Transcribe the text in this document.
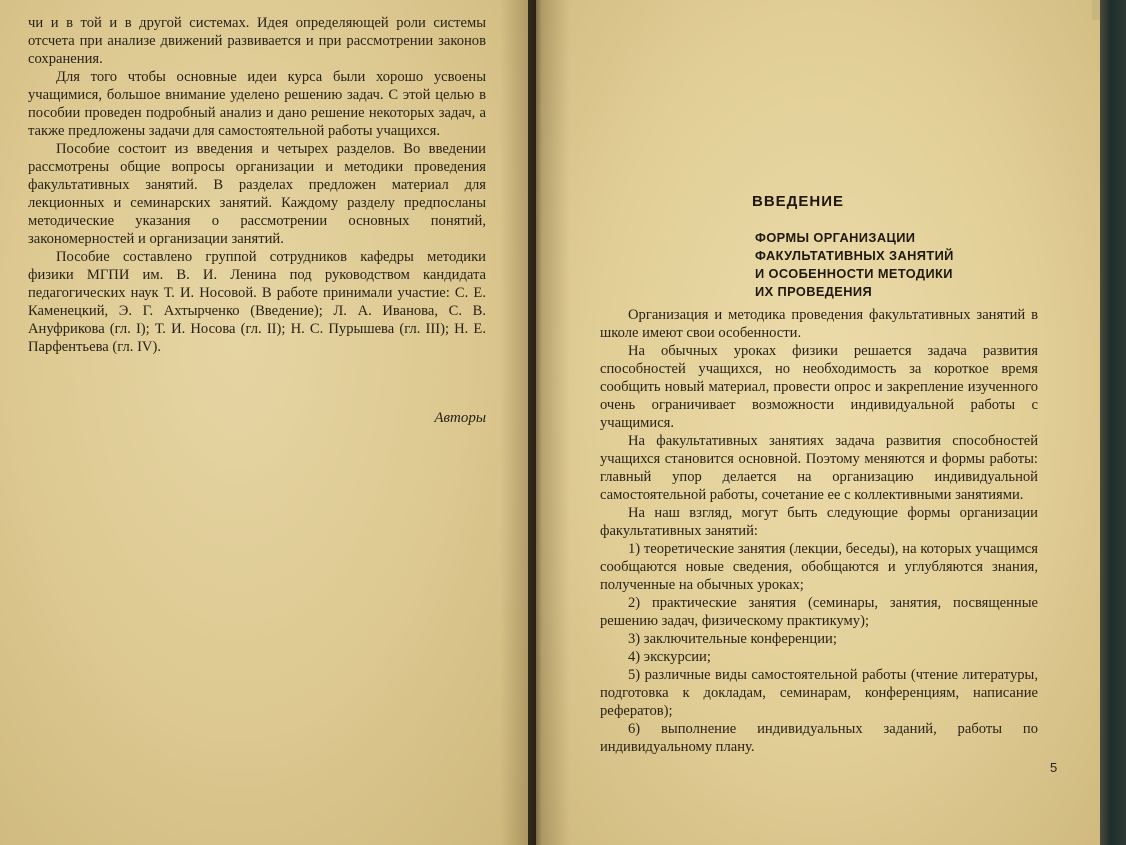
чи и в той и в другой системах. Идея определяющей роли системы отсчета при анализе движений развивается и при рассмотрении законов сохранения.

Для того чтобы основные идеи курса были хорошо усвоены учащимися, большое внимание уделено решению задач. С этой целью в пособии проведен подробный анализ и дано решение некоторых задач, а также предложены задачи для самостоятельной работы учащихся.

Пособие состоит из введения и четырех разделов. Во введении рассмотрены общие вопросы организации и методики проведения факультативных занятий. В разделах предложен материал для лекционных и семинарских занятий. Каждому разделу предпосланы методические указания о рассмотрении основных понятий, закономерностей и организации занятий.

Пособие составлено группой сотрудников кафедры методики физики МГПИ им. В. И. Ленина под руководством кандидата педагогических наук Т. И. Носовой. В работе принимали участие: С. Е. Каменецкий, Э. Г. Ахтырченко (Введение); Л. А. Иванова, С. В. Ануфрикова (гл. I); Т. И. Носова (гл. II); Н. С. Пурышева (гл. III); Н. Е. Парфентьева (гл. IV).

Авторы
ВВЕДЕНИЕ
ФОРМЫ ОРГАНИЗАЦИИ
ФАКУЛЬТАТИВНЫХ ЗАНЯТИЙ
И ОСОБЕННОСТИ МЕТОДИКИ
ИХ ПРОВЕДЕНИЯ

Организация и методика проведения факультативных занятий в школе имеют свои особенности.

На обычных уроках физики решается задача развития способностей учащихся, но необходимость за короткое время сообщить новый материал, провести опрос и закрепление изученного очень ограничивает возможности индивидуальной работы с учащимися.

На факультативных занятиях задача развития способностей учащихся становится основной. Поэтому меняются и формы работы: главный упор делается на организацию индивидуальной самостоятельной работы, сочетание ее с коллективными занятиями.

На наш взгляд, могут быть следующие формы организации факультативных занятий:

1) теоретические занятия (лекции, беседы), на которых учащимся сообщаются новые сведения, обобщаются и углубляются знания, полученные на обычных уроках;

2) практические занятия (семинары, занятия, посвященные решению задач, физическому практикуму);

3) заключительные конференции;

4) экскурсии;

5) различные виды самостоятельной работы (чтение литературы, подготовка к докладам, семинарам, конференциям, написание рефератов);

6) выполнение индивидуальных заданий, работы по индивидуальному плану.

5
